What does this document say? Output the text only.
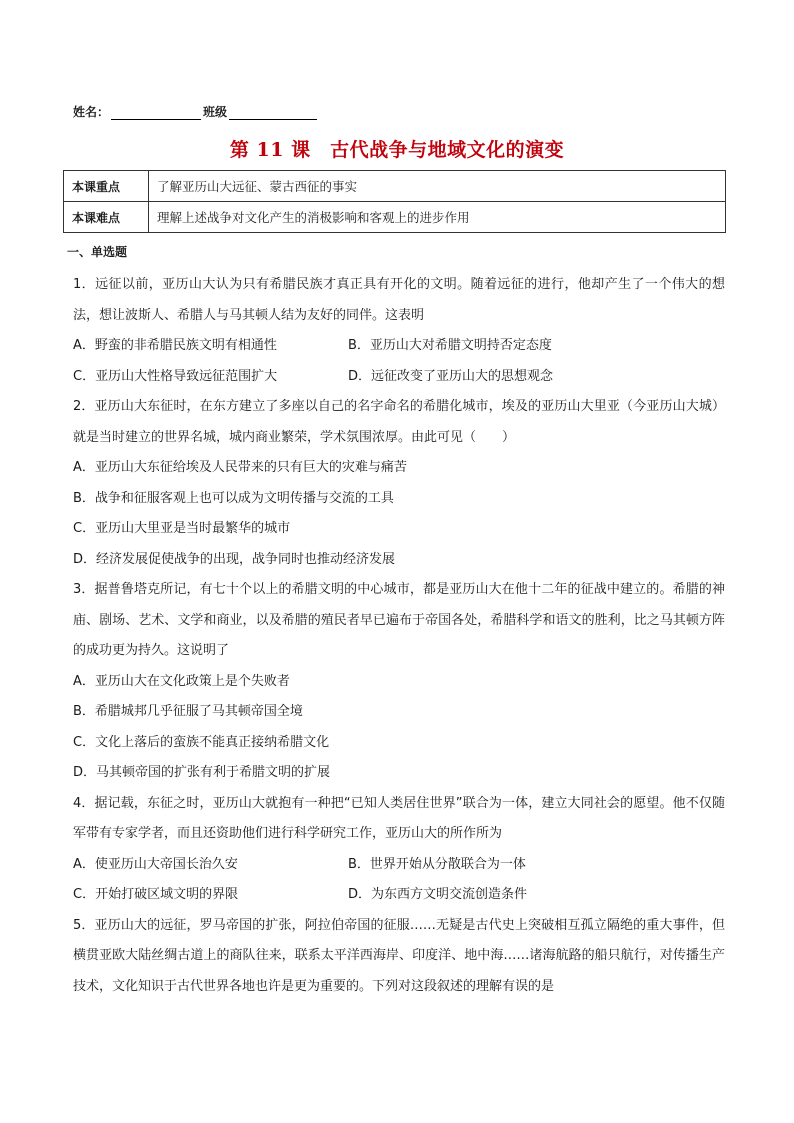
姓名：	班级
第 11 课　古代战争与地域文化的演变
本课重点	了解亚历山大远征、蒙古西征的事实
本课难点	理解上述战争对文化产生的消极影响和客观上的进步作用
一、单选题

1．远征以前，亚历山大认为只有希腊民族才真正具有开化的文明。随着远征的进行，他却产生了一个伟大的想法，想让波斯人、希腊人与马其顿人结为友好的同伴。这表明

A．野蛮的非希腊民族文明有相通性	B．亚历山大对希腊文明持否定态度

C．亚历山大性格导致远征范围扩大	D．远征改变了亚历山大的思想观念

2．亚历山大东征时，在东方建立了多座以自己的名字命名的希腊化城市，埃及的亚历山大里亚（今亚历山大城）就是当时建立的世界名城，城内商业繁荣，学术氛围浓厚。由此可见（　　）

A．亚历山大东征给埃及人民带来的只有巨大的灾难与痛苦

B．战争和征服客观上也可以成为文明传播与交流的工具

C．亚历山大里亚是当时最繁华的城市

D．经济发展促使战争的出现，战争同时也推动经济发展

3．据普鲁塔克所记，有七十个以上的希腊文明的中心城市，都是亚历山大在他十二年的征战中建立的。希腊的神庙、剧场、艺术、文学和商业，以及希腊的殖民者早已遍布于帝国各处，希腊科学和语文的胜利，比之马其顿方阵的成功更为持久。这说明了

A．亚历山大在文化政策上是个失败者

B．希腊城邦几乎征服了马其顿帝国全境

C．文化上落后的蛮族不能真正接纳希腊文化

D．马其顿帝国的扩张有利于希腊文明的扩展

4．据记载，东征之时，亚历山大就抱有一种把“已知人类居住世界”联合为一体，建立大同社会的愿望。他不仅随军带有专家学者，而且还资助他们进行科学研究工作，亚历山大的所作所为

A．使亚历山大帝国长治久安	B．世界开始从分散联合为一体

C．开始打破区域文明的界限	D．为东西方文明交流创造条件

5．亚历山大的远征，罗马帝国的扩张，阿拉伯帝国的征服……无疑是古代史上突破相互孤立隔绝的重大事件，但横贯亚欧大陆丝绸古道上的商队往来，联系太平洋西海岸、印度洋、地中海……诸海航路的船只航行，对传播生产技术，文化知识于古代世界各地也许是更为重要的。下列对这段叙述的理解有误的是
